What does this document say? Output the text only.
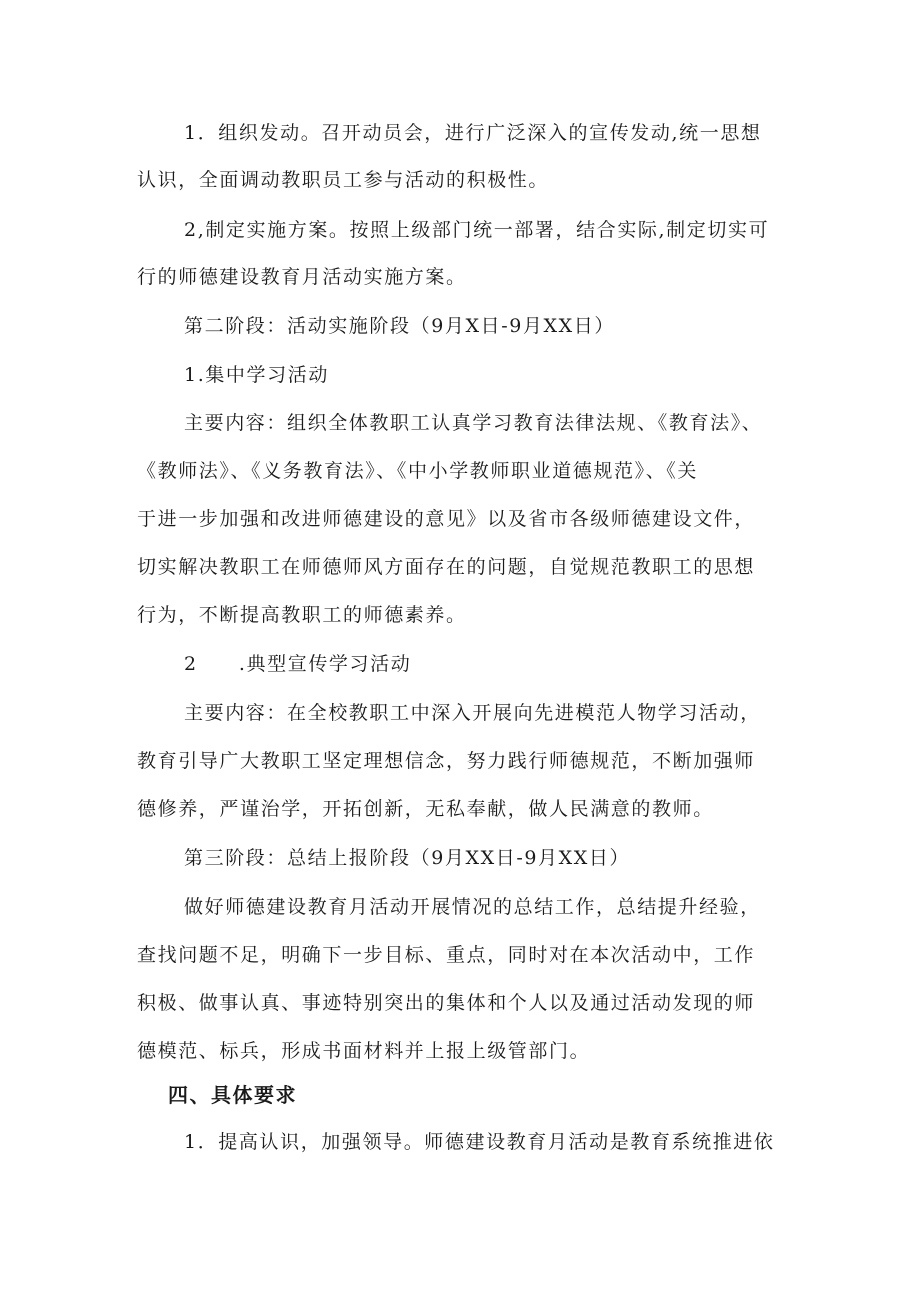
1．组织发动。召开动员会，进行广泛深入的宣传发动,统一思想
认识，全面调动教职员工参与活动的积极性。
2,制定实施方案。按照上级部门统一部署，结合实际,制定切实可
行的师德建设教育月活动实施方案。
第二阶段：活动实施阶段（9月X日-9月XX日）
1.集中学习活动
主要内容：组织全体教职工认真学习教育法律法规、《教育法》、
《教师法》、《义务教育法》、《中小学教师职业道德规范》、《关
于进一步加强和改进师德建设的意见》以及省市各级师德建设文件，
切实解决教职工在师德师风方面存在的问题，自觉规范教职工的思想
行为，不断提高教职工的师德素养。
2　　.典型宣传学习活动
主要内容：在全校教职工中深入开展向先进模范人物学习活动，
教育引导广大教职工坚定理想信念，努力践行师德规范，不断加强师
德修养，严谨治学，开拓创新，无私奉献，做人民满意的教师。
第三阶段：总结上报阶段（9月XX日-9月XX日）
做好师德建设教育月活动开展情况的总结工作，总结提升经验，
查找问题不足，明确下一步目标、重点，同时对在本次活动中，工作
积极、做事认真、事迹特别突出的集体和个人以及通过活动发现的师
德模范、标兵，形成书面材料并上报上级管部门。
四、具体要求
1．提高认识，加强领导。师德建设教育月活动是教育系统推进依
